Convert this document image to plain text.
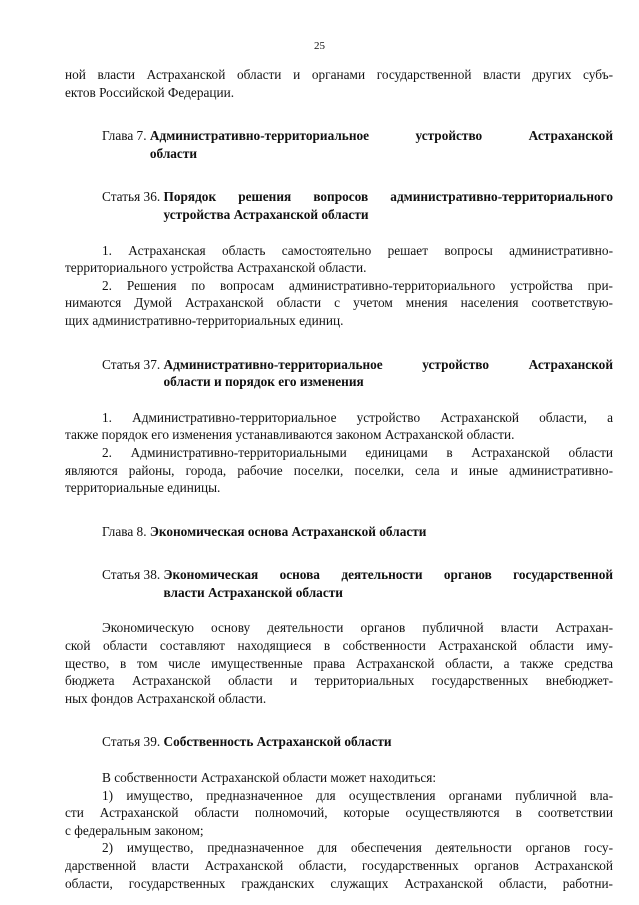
25

ной власти Астраханской области и органами государственной власти других субъ-

ектов Российской Федерации.

Глава 7. Административно-территориальное устройство Астраханской

области

Статья 36. Порядок решения вопросов административно-территориального

устройства Астраханской области

1. Астраханская область самостоятельно решает вопросы административно-

территориального устройства Астраханской области.

2. Решения по вопросам административно-территориального устройства при-

нимаются Думой Астраханской области с учетом мнения населения соответствую-

щих административно-территориальных единиц.

Статья 37. Административно-территориальное устройство Астраханской

области и порядок его изменения

1. Административно-территориальное устройство Астраханской области, а

также порядок его изменения устанавливаются законом Астраханской области.

2. Административно-территориальными единицами в Астраханской области

являются районы, города, рабочие поселки, поселки, села и иные административно-

территориальные единицы.

Глава 8. Экономическая основа Астраханской области

Статья 38. Экономическая основа деятельности органов государственной

власти Астраханской области

Экономическую основу деятельности органов публичной власти Астрахан-

ской области составляют находящиеся в собственности Астраханской области иму-

щество, в том числе имущественные права Астраханской области, а также средства

бюджета Астраханской области и территориальных государственных внебюджет-

ных фондов Астраханской области.

Статья 39. Собственность Астраханской области

В собственности Астраханской области может находиться:

1) имущество, предназначенное для осуществления органами публичной вла-

сти Астраханской области полномочий, которые осуществляются в соответствии

с федеральным законом;

2) имущество, предназначенное для обеспечения деятельности органов госу-

дарственной власти Астраханской области, государственных органов Астраханской

области, государственных гражданских служащих Астраханской области, работни-
